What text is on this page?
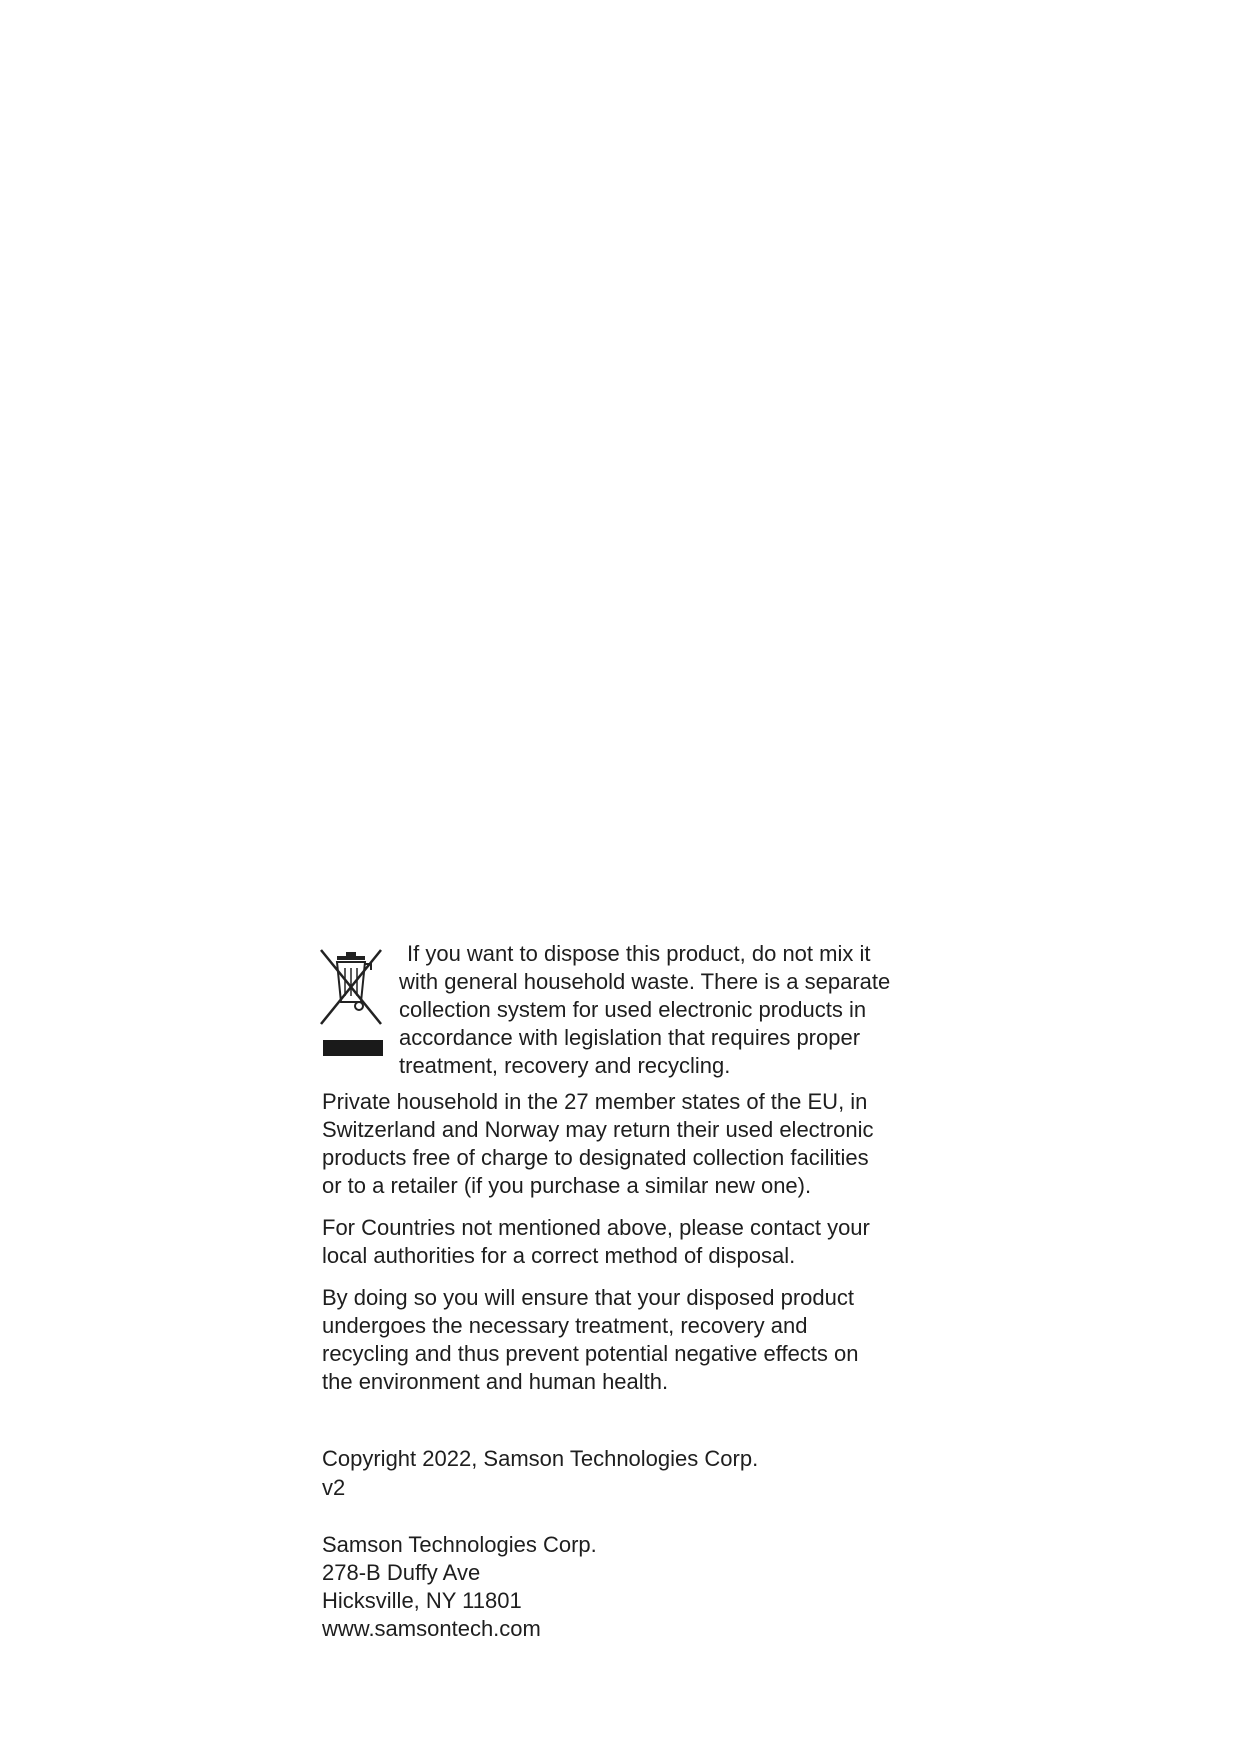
If you want to dispose this product, do not mix it
with general household waste. There is a separate
collection system for used electronic products in
accordance with legislation that requires proper
treatment, recovery and recycling.

Private household in the 27 member states of the EU, in
Switzerland and Norway may return their used electronic
products free of charge to designated collection facilities
or to a retailer (if you purchase a similar new one).

For Countries not mentioned above, please contact your
local authorities for a correct method of disposal.

By doing so you will ensure that your disposed product
undergoes the necessary treatment, recovery and
recycling and thus prevent potential negative effects on
the environment and human health.

Copyright 2022, Samson Technologies Corp.
v2
Samson Technologies Corp.
278-B Duffy Ave
Hicksville, NY 11801
www.samsontech.com
